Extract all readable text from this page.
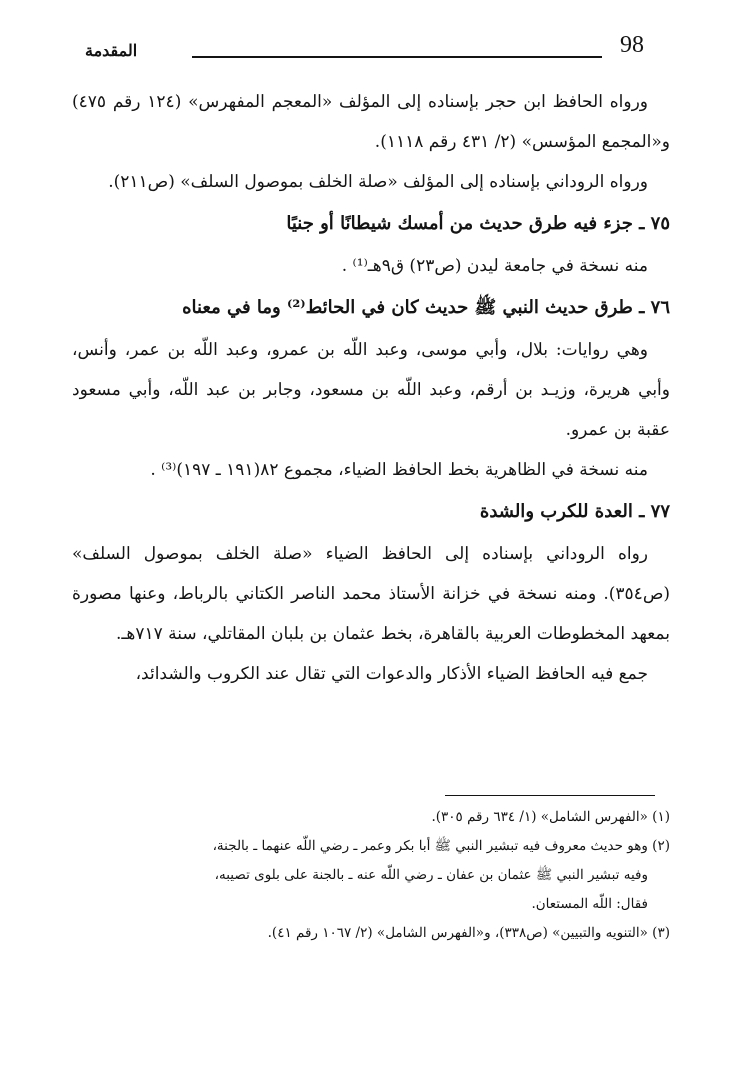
98
المقدمة

ورواه الحافظ ابن حجر بإسناده إلى المؤلف «المعجم المفهرس» (١٢٤ رقم ٤٧٥) و«المجمع المؤسس» (٢/ ٤٣١ رقم ١١١٨).

ورواه الروداني بإسناده إلى المؤلف «صلة الخلف بموصول السلف» (ص٢١١).

٧٥ ـ جزء فيه طرق حديث من أمسك شيطانًا أو جنيًا

منه نسخة في جامعة ليدن (ص٢٣) ق٩هـ⁽¹⁾ .

٧٦ ـ طرق حديث النبي ﷺ حديث كان في الحائط⁽²⁾ وما في معناه

وهي روايات: بلال، وأبي موسى، وعبد اللّه بن عمرو، وعبد اللّه بن عمر، وأنس، وأبي هريرة، وزيـد بن أرقم، وعبد اللّه بن مسعود، وجابر بن عبد اللّه، وأبي مسعود عقبة بن عمرو.

منه نسخة في الظاهرية بخط الحافظ الضياء، مجموع ٨٢(١٩١ ـ ١٩٧)⁽³⁾ .

٧٧ ـ العدة للكرب والشدة

رواه الروداني بإسناده إلى الحافظ الضياء «صلة الخلف بموصول السلف» (ص٣٥٤). ومنه نسخة في خزانة الأستاذ محمد الناصر الكتاني بالرباط، وعنها مصورة بمعهد المخطوطات العربية بالقاهرة، بخط عثمان بن بلبان المقاتلي، سنة ٧١٧هـ.

جمع فيه الحافظ الضياء الأذكار والدعوات التي تقال عند الكروب والشدائد،

(١) «الفهرس الشامل» (١/ ٦٣٤ رقم ٣٠٥).

(٢) وهو حديث معروف فيه تبشير النبي ﷺ أبا بكر وعمر ـ رضي اللّه عنهما ـ بالجنة،

وفيه تبشير النبي ﷺ عثمان بن عفان ـ رضي اللّه عنه ـ بالجنة على بلوى تصيبه،

فقال: اللّه المستعان.

(٣) «التنويه والتبيين» (ص٣٣٨)، و«الفهرس الشامل» (٢/ ١٠٦٧ رقم ٤١).
